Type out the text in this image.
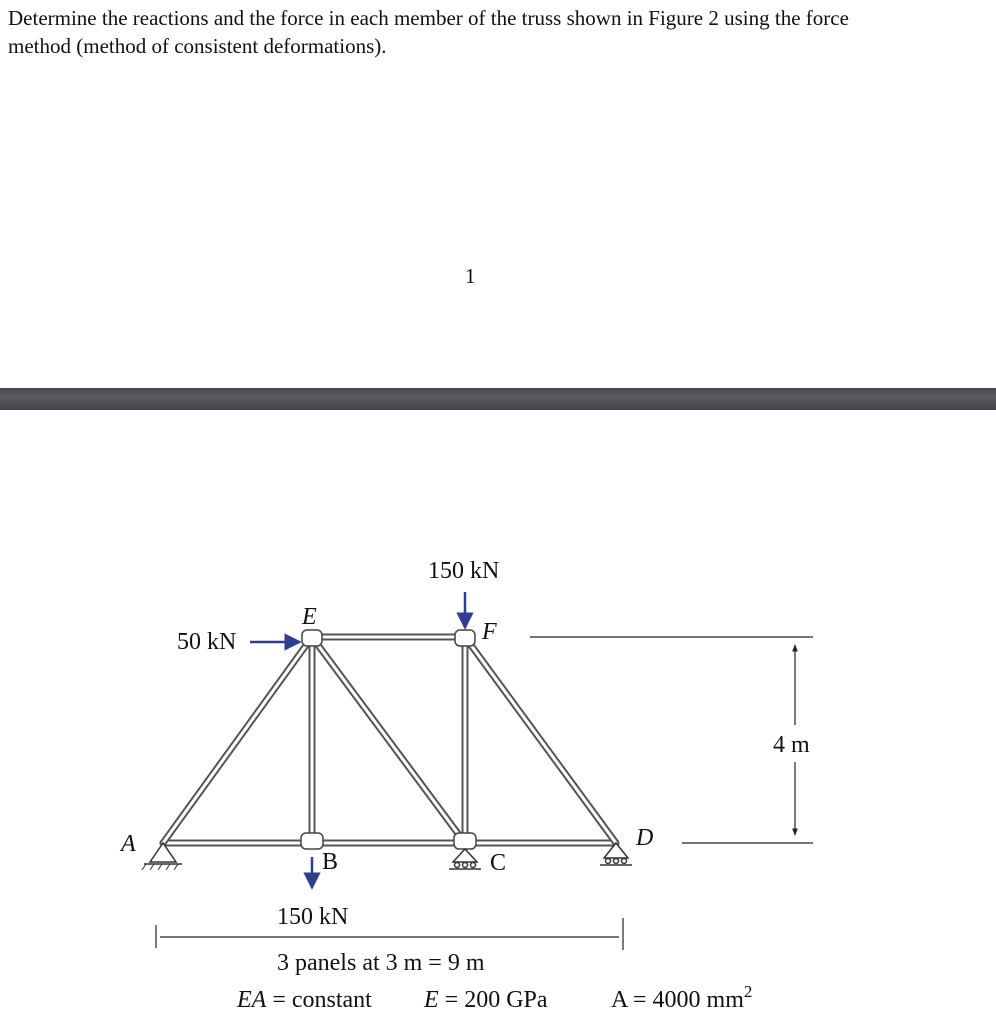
Determine the reactions and the force in each member of the truss shown in Figure 2 using the force method (method of consistent deformations).

1
A
B	C
D
E
F
50 kN
150 kN
150 kN
4 m
3 panels at 3 m = 9 m
EA = constant E = 200 GPa	A = 4000 $mm^2$
